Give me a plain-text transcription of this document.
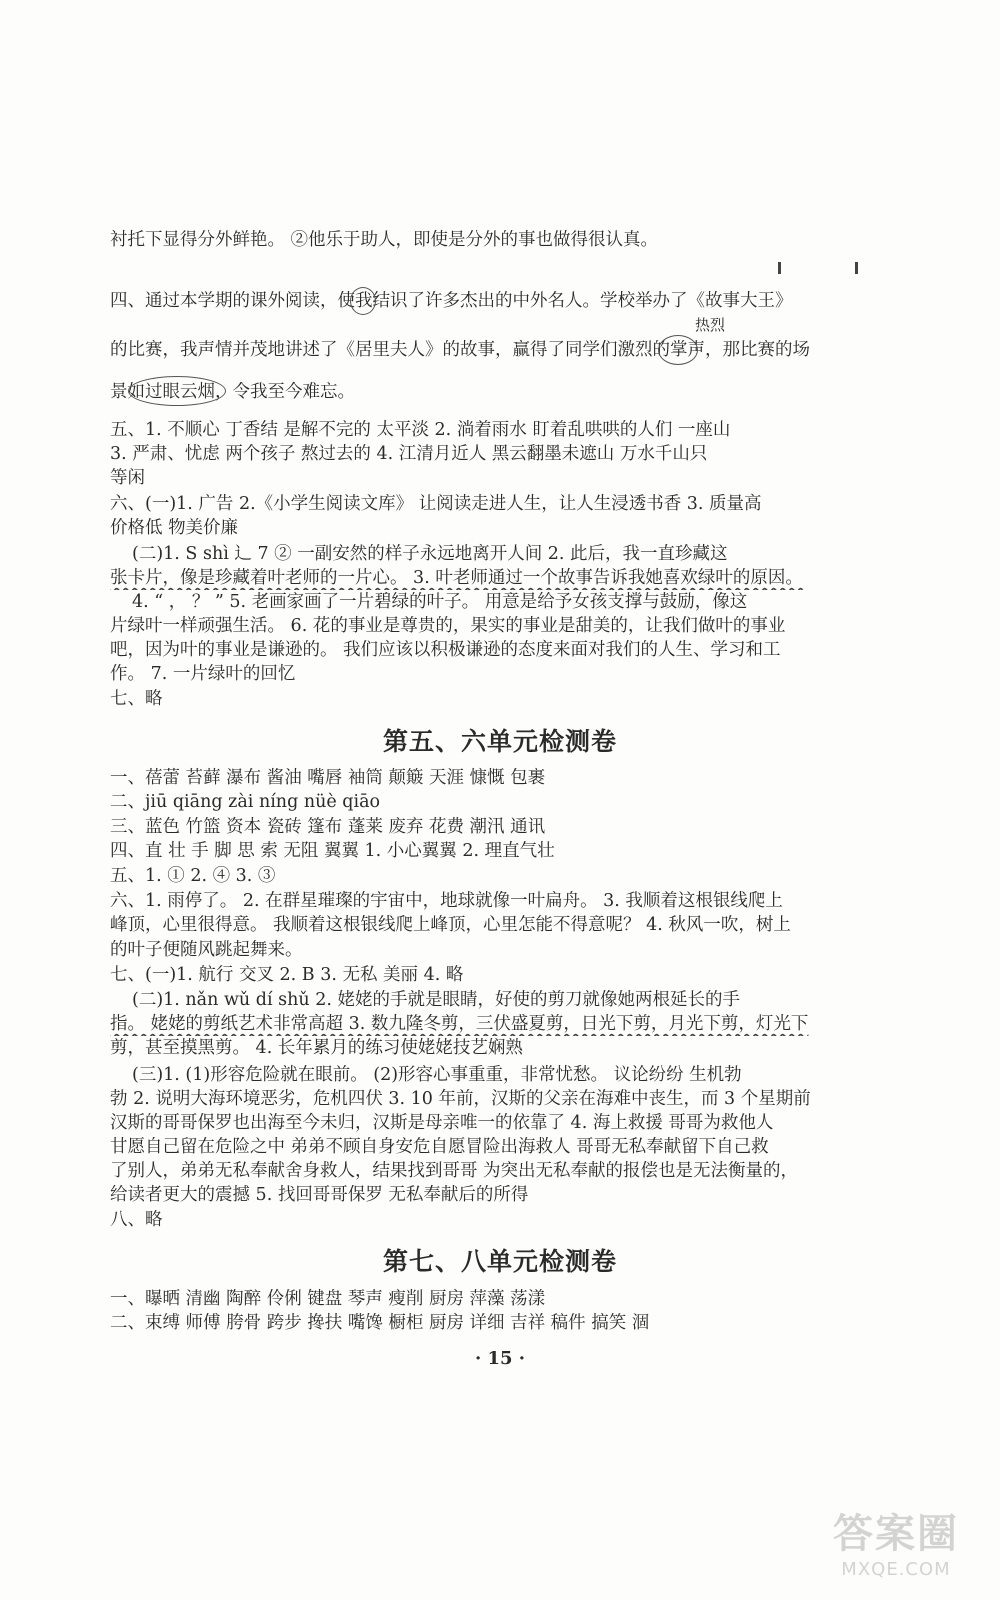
衬托下显得分外鲜艳。 ②他乐于助人，即使是分外的事也做得很认真。
四、通过本学期的课外阅读，使我结识了许多杰出的中外名人。学校举办了《故事大王》
热烈
的比赛，我声情并茂地讲述了《居里夫人》的故事，赢得了同学们激烈的掌声，那比赛的场
景如过眼云烟，令我至今难忘。
五、1. 不顺心 丁香结 是解不完的 太平淡 2. 淌着雨水 盯着乱哄哄的人们 一座山
3. 严肃、忧虑 两个孩子 熬过去的 4. 江清月近人 黑云翻墨未遮山 万水千山只
等闲
六、(一)1. 广告 2.《小学生阅读文库》 让阅读走进人生，让人生浸透书香 3. 质量高
价格低 物美价廉
(二)1. S shì 辶 7 ② 一副安然的样子永远地离开人间 2. 此后，我一直珍藏这
张卡片，像是珍藏着叶老师的一片心。 3. 叶老师通过一个故事告诉我她喜欢绿叶的原因。
4. “ ， ？ ” 5. 老画家画了一片碧绿的叶子。 用意是给予女孩支撑与鼓励，像这
片绿叶一样顽强生活。 6. 花的事业是尊贵的，果实的事业是甜美的，让我们做叶的事业
吧，因为叶的事业是谦逊的。 我们应该以积极谦逊的态度来面对我们的人生、学习和工
作。 7. 一片绿叶的回忆
七、略
第五、六单元检测卷
一、蓓蕾 苔藓 瀑布 酱油 嘴唇 袖筒 颠簸 天涯 慷慨 包裹
二、jiū qiāng zài níng nüè qiāo
三、蓝色 竹篮 资本 瓷砖 篷布 蓬莱 废弃 花费 潮汛 通讯
四、直 壮 手 脚 思 索 无阻 翼翼 1. 小心翼翼 2. 理直气壮
五、1. ① 2. ④ 3. ③
六、1. 雨停了。 2. 在群星璀璨的宇宙中，地球就像一叶扁舟。 3. 我顺着这根银线爬上
峰顶，心里很得意。 我顺着这根银线爬上峰顶，心里怎能不得意呢？ 4. 秋风一吹，树上
的叶子便随风跳起舞来。
七、(一)1. 航行 交叉 2. B 3. 无私 美丽 4. 略
(二)1. nǎn wǔ dí shǔ 2. 姥姥的手就是眼睛，好使的剪刀就像她两根延长的手
指。 姥姥的剪纸艺术非常高超 3. 数九隆冬剪，三伏盛夏剪，日光下剪，月光下剪，灯光下
剪，甚至摸黑剪。 4. 长年累月的练习使姥姥技艺娴熟
(三)1. (1)形容危险就在眼前。 (2)形容心事重重，非常忧愁。 议论纷纷 生机勃
勃 2. 说明大海环境恶劣，危机四伏 3. 10 年前，汉斯的父亲在海难中丧生，而 3 个星期前
汉斯的哥哥保罗也出海至今未归，汉斯是母亲唯一的依靠了 4. 海上救援 哥哥为救他人
甘愿自己留在危险之中 弟弟不顾自身安危自愿冒险出海救人 哥哥无私奉献留下自己救
了别人，弟弟无私奉献舍身救人，结果找到哥哥 为突出无私奉献的报偿也是无法衡量的，
给读者更大的震撼 5. 找回哥哥保罗 无私奉献后的所得
八、略
第七、八单元检测卷
一、曝晒 清幽 陶醉 伶俐 键盘 琴声 瘦削 厨房 萍藻 荡漾
二、束缚 师傅 胯骨 跨步 搀扶 嘴馋 橱柜 厨房 详细 吉祥 稿件 搞笑 涸
· 15 ·
答案圈
MXQE.COM
